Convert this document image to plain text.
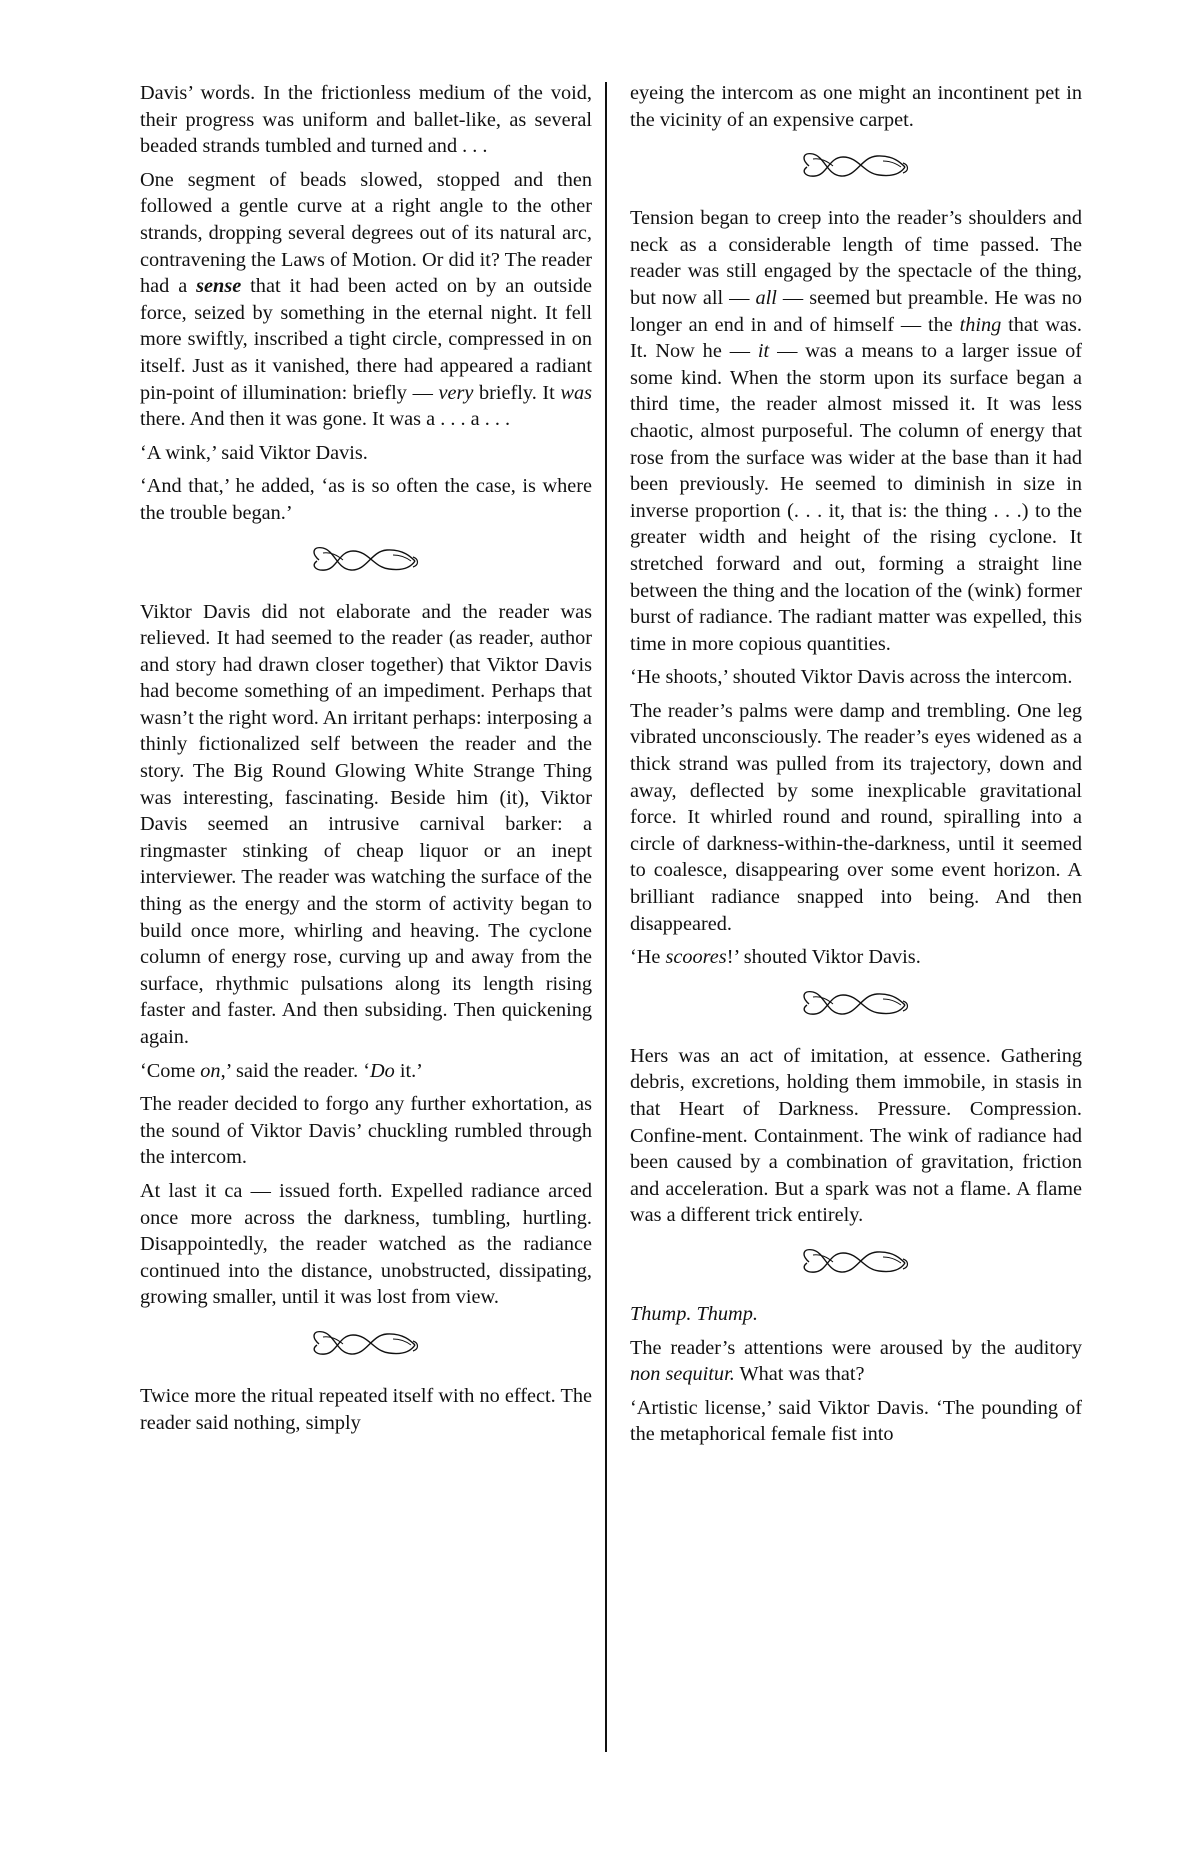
Davis’ words. In the frictionless medium of the void, their progress was uniform and ballet-like, as several beaded strands tumbled and turned and . . .

One segment of beads slowed, stopped and then followed a gentle curve at a right angle to the other strands, dropping several degrees out of its natural arc, contravening the Laws of Motion. Or did it? The reader had a sense that it had been acted on by an outside force, seized by something in the eternal night. It fell more swiftly, inscribed a tight circle, compressed in on itself. Just as it vanished, there had appeared a radiant pin-point of illumination: briefly — very briefly. It was there. And then it was gone. It was a . . . a . . .

‘A wink,’ said Viktor Davis.

‘And that,’ he added, ‘as is so often the case, is where the trouble began.’

Viktor Davis did not elaborate and the reader was relieved. It had seemed to the reader (as reader, author and story had drawn closer together) that Viktor Davis had become something of an impediment. Perhaps that wasn’t the right word. An irritant perhaps: interposing a thinly fictionalized self between the reader and the story. The Big Round Glowing White Strange Thing was interesting, fascinating. Beside him (it), Viktor Davis seemed an intrusive carnival barker: a ringmaster stinking of cheap liquor or an inept interviewer. The reader was watching the surface of the thing as the energy and the storm of activity began to build once more, whirling and heaving. The cyclone column of energy rose, curving up and away from the surface, rhythmic pulsations along its length rising faster and faster. And then subsiding. Then quickening again.

‘Come on,’ said the reader. ‘Do it.’

The reader decided to forgo any further exhortation, as the sound of Viktor Davis’ chuckling rumbled through the intercom.

At last it ca — issued forth. Expelled radiance arced once more across the darkness, tumbling, hurtling. Disappointedly, the reader watched as the radiance continued into the distance, unobstructed, dissipating, growing smaller, until it was lost from view.

Twice more the ritual repeated itself with no effect. The reader said nothing, simply

eyeing the intercom as one might an incontinent pet in the vicinity of an expensive carpet.

Tension began to creep into the reader’s shoulders and neck as a considerable length of time passed. The reader was still engaged by the spectacle of the thing, but now all — all — seemed but preamble. He was no longer an end in and of himself — the thing that was. It. Now he — it — was a means to a larger issue of some kind. When the storm upon its surface began a third time, the reader almost missed it. It was less chaotic, almost purposeful. The column of energy that rose from the surface was wider at the base than it had been previously. He seemed to diminish in size in inverse proportion (. . . it, that is: the thing . . .) to the greater width and height of the rising cyclone. It stretched forward and out, forming a straight line between the thing and the location of the (wink) former burst of radiance. The radiant matter was expelled, this time in more copious quantities.

‘He shoots,’ shouted Viktor Davis across the intercom.

The reader’s palms were damp and trembling. One leg vibrated unconsciously. The reader’s eyes widened as a thick strand was pulled from its trajectory, down and away, deflected by some inexplicable gravitational force. It whirled round and round, spiralling into a circle of darkness-within-the-darkness, until it seemed to coalesce, disappearing over some event horizon. A brilliant radiance snapped into being. And then disappeared.

‘He scoores!’ shouted Viktor Davis.

Hers was an act of imitation, at essence. Gathering debris, excretions, holding them immobile, in stasis in that Heart of Darkness. Pressure. Compression. Confine-ment. Containment. The wink of radiance had been caused by a combination of gravitation, friction and acceleration. But a spark was not a flame. A flame was a different trick entirely.

Thump. Thump.

The reader’s attentions were aroused by the auditory non sequitur. What was that?

‘Artistic license,’ said Viktor Davis. ‘The pounding of the metaphorical female fist into
